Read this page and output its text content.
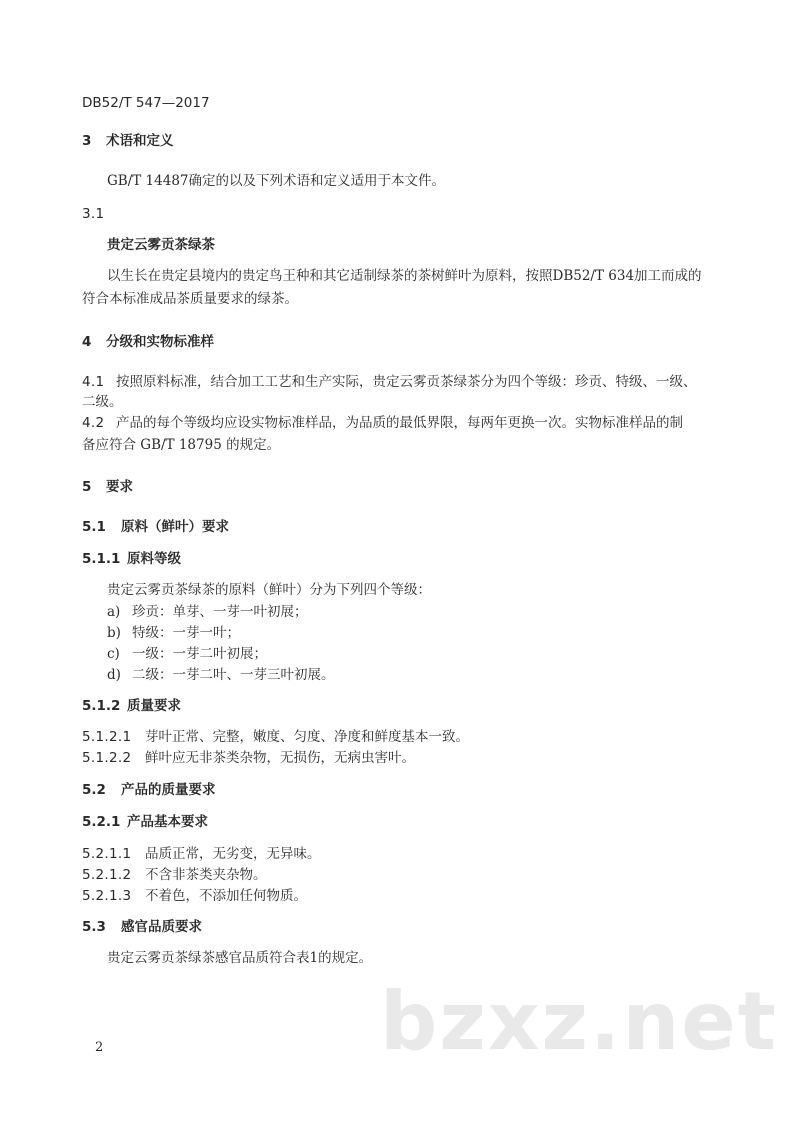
DB52/T 547—2017
3 术语和定义
GB/T 14487确定的以及下列术语和定义适用于本文件。
3.1
贵定云雾贡茶绿茶
以生长在贵定县境内的贵定鸟王种和其它适制绿茶的茶树鲜叶为原料，按照DB52/T 634加工而成的
符合本标准成品茶质量要求的绿茶。
4 分级和实物标准样
4.1 按照原料标准，结合加工工艺和生产实际，贵定云雾贡茶绿茶分为四个等级：珍贡、特级、一级、
二级。
4.2 产品的每个等级均应设实物标准样品，为品质的最低界限，每两年更换一次。实物标准样品的制
备应符合 GB/T 18795 的规定。
5 要求
5.1 原料（鲜叶）要求
5.1.1 原料等级
贵定云雾贡茶绿茶的原料（鲜叶）分为下列四个等级：
a) 珍贡：单芽、一芽一叶初展；
b) 特级：一芽一叶；
c) 一级：一芽二叶初展；
d) 二级：一芽二叶、一芽三叶初展。
5.1.2 质量要求
5.1.2.1 芽叶正常、完整，嫩度、匀度、净度和鲜度基本一致。
5.1.2.2 鲜叶应无非茶类杂物，无损伤，无病虫害叶。
5.2 产品的质量要求
5.2.1 产品基本要求
5.2.1.1 品质正常，无劣变，无异味。
5.2.1.2 不含非茶类夹杂物。
5.2.1.3 不着色，不添加任何物质。
5.3 感官品质要求
贵定云雾贡茶绿茶感官品质符合表1的规定。
bzxz.net
2
